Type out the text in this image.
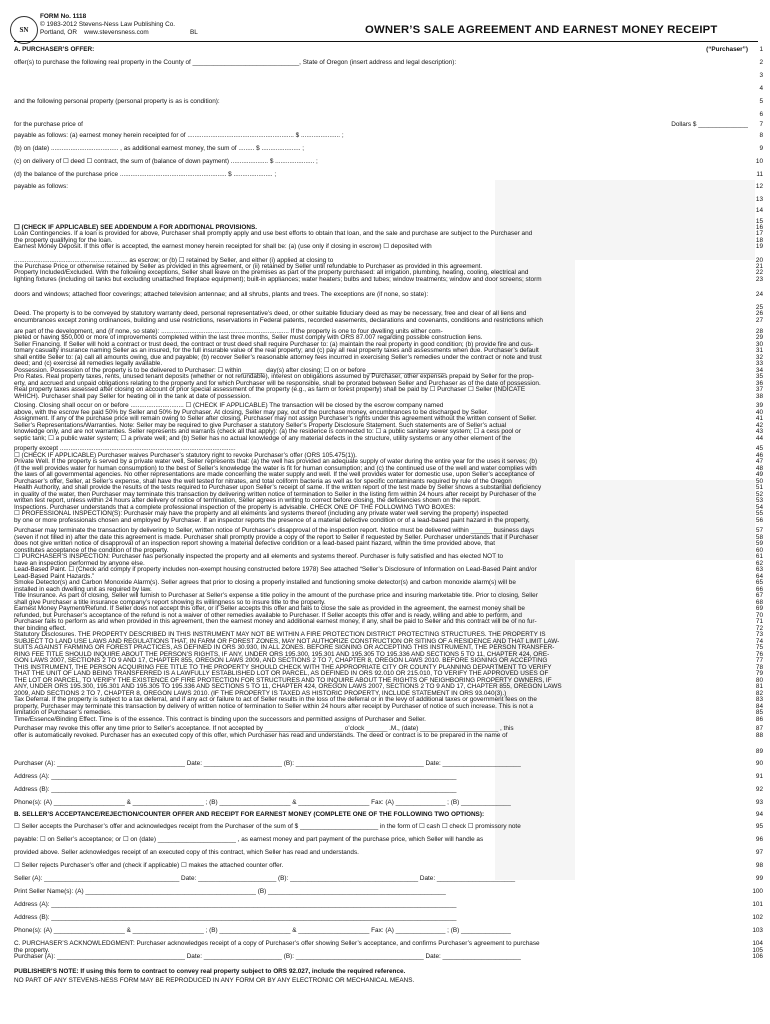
SN
FORM No. 1118
© 1983-2012 Stevens-Ness Law Publishing Co.
Portland, OR www.stevensness.com	BL	OWNER’S SALE AGREEMENT AND EARNEST MONEY RECEIPT
A. PURCHASER’S OFFER:	(“Purchaser”)	1
offer(s) to purchase the following real property in the County of ______________________________, State of Oregon (insert address and legal description):	2
3
4
and the following personal property (personal property is as is condition):	5
6
for the purchase price of	Dollars $ ______________	7
payable as follows: (a) earnest money herein receipted for of ............................................................ $ ...................... ;	8
(b) on (date) ...................................... , as additional earnest money, the sum of ......... $ ...................... ;	9
(c) on delivery of ☐ deed ☐ contract, the sum of (balance of down payment) ..................... $ ...................... ;	10
(d) the balance of the purchase price ............................................................ $ ...................... ;	11
payable as follows:	12
13
14
15
☐ (CHECK IF APPLICABLE) SEE ADDENDUM A FOR ADDITIONAL PROVISIONS.	16
Loan Contingencies. If a loan is provided for above, Purchaser shall promptly apply and use best efforts to obtain that loan, and the sale and purchase are subject to the Purchaser and	17
the property qualifying for the loan.	18
Earnest Money Deposit. If this offer is accepted, the earnest money herein receipted for shall be: (a) (use only if closing in escrow) ☐ deposited with	19
................................................................ as escrow; or (b) ☐ retained by Seller, and either (i) applied at closing to	20
the Purchase Price or otherwise retained by Seller as provided in this agreement, or (ii) retained by Seller until refundable to Purchaser as provided in this agreement.	21
Property Included/Excluded. With the following exceptions, Seller shall leave on the premises as part of the property purchased: all irrigation, plumbing, heating, cooling, electrical and	22
lighting fixtures (including oil tanks but excluding unattached fireplace equipment); built-in appliances; water heaters; bulbs and tubes; window treatments; window and door screens; storm	23
doors and windows; attached floor coverings; attached television antennae; and all shrubs, plants and trees. The exceptions are (if none, so state):	24
25
Deed. The property is to be conveyed by statutory warranty deed, personal representative’s deed, or other suitable fiduciary deed as may be necessary, free and clear of all liens and	26
encumbrances except zoning ordinances, building and use restrictions, reservations in Federal patents, recorded easements, declarations and covenants, conditions and restrictions which	27
are part of the development, and (if none, so state): ........................................................................ If the property is one to four dwelling units either com-	28
pleted or having $50,000 or more of improvements completed within the last three months, Seller must comply with ORS 87.007 regarding possible construction liens.	29
Seller Financing. If Seller will hold a contract or trust deed, the contract or trust deed shall require Purchaser to: (a) maintain the real property in good condition; (b) provide fire and cus-	30
tomary casualty insurance naming Seller as an insured, for the full insurable value of the real property; and (c) pay all real property taxes and assessments when due. Purchaser’s default	31
shall entitle Seller to: (a) call all amounts owing, due and payable; (b) recover Seller’s reasonable attorney fees incurred in exercising Seller’s remedies under the contract or note and trust	32
deed; and (c) exercise all remedies legally available.	33
Possession. Possession of the property is to be delivered to Purchaser: ☐ within ______ day(s) after closing; ☐ on or before ______________________	34
Pro Rates. Real property taxes, rents, unused tenant deposits (whether or not refundable), interest on obligations assumed by Purchaser, other expenses prepaid by Seller for the prop-	35
erty, and accrued and unpaid obligations relating to the property and for which Purchaser will be responsible, shall be prorated between Seller and Purchaser as of the date of possession.	36
Real property taxes assessed after closing on account of prior special assessment of the property (e.g., as farm or forest property) shall be paid by ☐ Purchaser ☐ Seller (INDICATE	37
WHICH). Purchaser shall pay Seller for heating oil in the tank at date of possession.	38
Closing. Closing shall occur on or before .............................. ☐ (CHECK IF APPLICABLE) The transaction will be closed by the escrow company named	39
above, with the escrow fee paid 50% by Seller and 50% by Purchaser. At closing, Seller may pay, out of the purchase money, encumbrances to be discharged by Seller.	40
Assignment. If any of the purchase price will remain owing to Seller after closing, Purchaser may not assign Purchaser’s rights under this agreement without the written consent of Seller.	41
Seller’s Representations/Warranties. Note: Seller may be required to give Purchaser a statutory Seller’s Property Disclosure Statement. Such statements are of Seller’s actual	42
knowledge only, and are not warranties. Seller represents and warrants (check all that apply): (a) the residence is connected to: ☐ a public sanitary sewer system; ☐ a cess pool or	43
septic tank; ☐ a public water system; ☐ a private well; and (b) Seller has no actual knowledge of any material defects in the structure, utility systems or any other element of the	44
property except ...................................................................................................	45
☐ (CHECK IF APPLICABLE) Purchaser waives Purchaser’s statutory right to revoke Purchaser’s offer (ORS 105.475(1)).	46
Private Well. If the property is served by a private water well, Seller represents that: (a) the well has provided an adequate supply of water during the entire year for the uses it serves; (b)	47
(if the well provides water for human consumption) to the best of Seller’s knowledge the water is fit for human consumption; and (c) the continued use of the well and water complies with	48
the laws of all governmental agencies. No other representations are made concerning the water supply and well. If the well provides water for domestic use, upon Seller’s acceptance of	49
Purchaser’s offer, Seller, at Seller’s expense, shall have the well tested for nitrates, and total coliform bacteria as well as for specific contaminants required by rule of the Oregon	50
Health Authority, and shall provide the results of the tests required to Purchaser upon Seller’s receipt of same. If the written report of the test made by Seller shows a substantial deficiency	51
in quality of the water, then Purchaser may terminate this transaction by delivering written notice of termination to Seller in the listing firm within 24 hours after receipt by Purchaser of the	52
written test report, unless within 24 hours after delivery of notice of termination, Seller agrees in writing to correct before closing, the deficiencies shown on the report.	53
Inspections. Purchaser understands that a complete professional inspection of the property is advisable. CHECK ONE OF THE FOLLOWING TWO BOXES:	54
☐ PROFESSIONAL INSPECTION(S): Purchaser may have the property and all elements and systems thereof (including any private water well serving the property) inspected	55
by one or more professionals chosen and employed by Purchaser. If an inspector reports the presence of a material defective condition or of a lead-based paint hazard in the property,	56
Purchaser may terminate the transaction by delivering to Seller, written notice of Purchaser’s disapproval of the inspection report. Notice must be delivered within ______ business days	57
(seven if not filled in) after the date this agreement is made. Purchaser shall promptly provide a copy of the report to Seller if requested by Seller. Purchaser understands that if Purchaser	58
does not give written notice of disapproval of an inspection report showing a material defective condition or a lead-based paint hazard, within the time provided above, that	59
constitutes acceptance of the condition of the property.	60
☐ PURCHASER’S INSPECTION: Purchaser has personally inspected the property and all elements and systems thereof. Purchaser is fully satisfied and has elected NOT to	61
have an inspection performed by anyone else.	62
Lead-Based Paint. ☐ (Check and comply if property includes non-exempt housing constructed before 1978) See attached “Seller’s Disclosure of Information on Lead-Based Paint and/or	63
Lead-Based Paint Hazards.”	64
Smoke Detector(s) and Carbon Monoxide Alarm(s). Seller agrees that prior to closing a properly installed and functioning smoke detector(s) and carbon monoxide alarm(s) will be	65
installed in each dwelling unit as required by law.	66
Title Insurance. As part of closing, Seller will furnish to Purchaser at Seller’s expense a title policy in the amount of the purchase price and insuring marketable title. Prior to closing, Seller	67
shall give Purchaser a title insurance company’s report showing its willingness so to insure title to the property.	68
Earnest Money Payment/Refund. If Seller does not accept this offer, or if Seller accepts this offer and fails to close the sale as provided in the agreement, the earnest money shall be	69
refunded, but Purchaser’s acceptance of the refund is not a waiver of other remedies available to Purchaser. If Seller accepts this offer and is ready, willing and able to perform, and	70
Purchaser fails to perform as and when provided in this agreement, then the earnest money and additional earnest money, if any, shall be paid to Seller and this contract will be of no fur-	71
ther binding effect.	72
Statutory Disclosures. THE PROPERTY DESCRIBED IN THIS INSTRUMENT MAY NOT BE WITHIN A FIRE PROTECTION DISTRICT PROTECTING STRUCTURES. THE PROPERTY IS	73
SUBJECT TO LAND USE LAWS AND REGULATIONS THAT, IN FARM OR FOREST ZONES, MAY NOT AUTHORIZE CONSTRUCTION OR SITING OF A RESIDENCE AND THAT LIMIT LAW-	74
SUITS AGAINST FARMING OR FOREST PRACTICES, AS DEFINED IN ORS 30.930, IN ALL ZONES. BEFORE SIGNING OR ACCEPTING THIS INSTRUMENT, THE PERSON TRANSFER-	75
RING FEE TITLE SHOULD INQUIRE ABOUT THE PERSON’S RIGHTS, IF ANY, UNDER ORS 195.300, 195.301 AND 195.305 TO 195.336 AND SECTIONS 5 TO 11, CHAPTER 424, ORE-	76
GON LAWS 2007, SECTIONS 2 TO 9 AND 17, CHAPTER 855, OREGON LAWS 2009, AND SECTIONS 2 TO 7, CHAPTER 8, OREGON LAWS 2010. BEFORE SIGNING OR ACCEPTING	77
THIS INSTRUMENT, THE PERSON ACQUIRING FEE TITLE TO THE PROPERTY SHOULD CHECK WITH THE APPROPRIATE CITY OR COUNTY PLANNING DEPARTMENT TO VERIFY	78
THAT THE UNIT OF LAND BEING TRANSFERRED IS A LAWFULLY ESTABLISHED LOT OR PARCEL, AS DEFINED IN ORS 92.010 OR 215.010, TO VERIFY THE APPROVED USES OF	79
THE LOT OR PARCEL, TO VERIFY THE EXISTENCE OF FIRE PROTECTION FOR STRUCTURES AND TO INQUIRE ABOUT THE RIGHTS OF NEIGHBORING PROPERTY OWNERS, IF	80
ANY, UNDER ORS 195.300, 195.301 AND 195.305 TO 195.336 AND SECTIONS 5 TO 11, CHAPTER 424, OREGON LAWS 2007, SECTIONS 2 TO 9 AND 17, CHAPTER 855, OREGON LAWS	81
2009, AND SECTIONS 2 TO 7, CHAPTER 8, OREGON LAWS 2010. (IF THE PROPERTY IS TAXED AS HISTORIC PROPERTY, INCLUDE STATEMENT IN ORS 93.040(3).)	82
Tax Deferral. If the property is subject to a tax deferral, and if any act or failure to act of Seller results in the loss of the deferral or in the levy of additional taxes or government fees on the	83
property, Purchaser may terminate this transaction by delivery of written notice of termination to Seller within 24 hours after receipt by Purchaser of notice of such increase. This is not a	84
limitation of Purchaser’s remedies.	85
Time/Essence/Binding Effect. Time is of the essence. This contract is binding upon the successors and permitted assigns of Purchaser and Seller.	86
Purchaser may revoke this offer any time prior to Seller’s acceptance. If not accepted by ______________________ o’clock ______ .M., (date) ______________________ , this	87
offer is automatically revoked. Purchaser has an executed copy of this offer, which Purchaser has read and understands. The deed or contract is to be prepared in the name of	88
89
Purchaser (A): ____________________________________ Date: ______________________ (B): ____________________________________ Date: ______________________	90
Address (A): __________________________________________________________________________________________________________________	91
Address (B): __________________________________________________________________________________________________________________	92
Phone(s): (A) ____________________ & ____________________ ; (B) ____________________ & ____________________ Fax: (A) ______________ ; (B) ______________	93
B. SELLER’S ACCEPTANCE/REJECTION/COUNTER OFFER AND RECEIPT FOR EARNEST MONEY (COMPLETE ONE OF THE FOLLOWING TWO OPTIONS):	94
☐ Seller accepts the Purchaser’s offer and acknowledges receipt from the Purchaser of the sum of $ ______________________ in the form of ☐ cash ☐ check ☐ promissory note	95
payable: ☐ on Seller’s acceptance; or ☐ on (date) ______________________ , as earnest money and part payment of the purchase price, which Seller will handle as	96
provided above. Seller acknowledges receipt of an executed copy of this contract, which Seller has read and understands.	97
☐ Seller rejects Purchaser’s offer and (check if applicable) ☐ makes the attached counter offer.	98
Seller (A): ______________________________________ Date: ______________________ (B): ____________________________________ Date: ______________________	99
Print Seller Name(s): (A) ________________________________________________ (B) __________________________________________________	100
Address (A): __________________________________________________________________________________________________________________	101
Address (B): __________________________________________________________________________________________________________________	102
Phone(s): (A) ____________________ & ____________________ ; (B) ____________________ & ____________________ Fax: (A) ______________ ; (B) ______________	103
C. PURCHASER’S ACKNOWLEDGMENT: Purchaser acknowledges receipt of a copy of Purchaser’s offer showing Seller’s acceptance, and confirms Purchaser’s agreement to purchase	104
the property.	105
Purchaser (A): ____________________________________ Date: ______________________ (B): ____________________________________ Date: ______________________	106
PUBLISHER’S NOTE: If using this form to contract to convey real property subject to ORS 92.027, include the required reference.
NO PART OF ANY STEVENS-NESS FORM MAY BE REPRODUCED IN ANY FORM OR BY ANY ELECTRONIC OR MECHANICAL MEANS.
